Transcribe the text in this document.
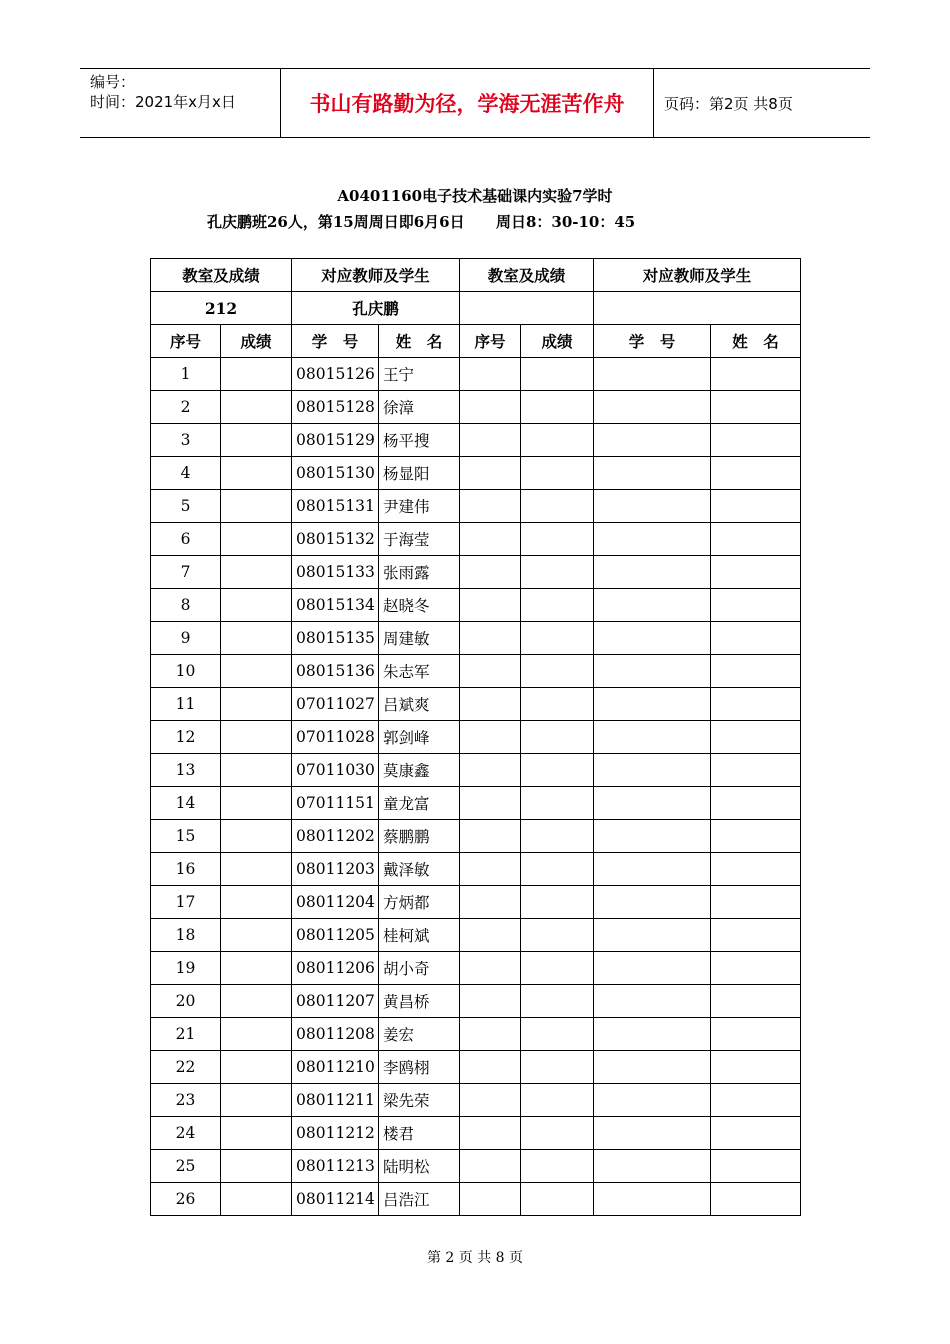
编号：
时间：2021年x月x日	书山有路勤为径，学海无涯苦作舟	页码：第2页 共8页
A0401160电子技术基础课内实验7学时
孔庆鹏班26人，第15周周日即6月6日      周日8：30-10：45
教室及成绩		对应教师及学生		教室及成绩		对应教师及学生	
212		孔庆鹏					
序号	成绩	学　号	姓　名	序号	成绩	学　号	姓　名
1		08015126	王宁				
2		08015128	徐漳				
3		08015129	杨平搜				
4		08015130	杨显阳				
5		08015131	尹建伟				
6		08015132	于海莹				
7		08015133	张雨露				
8		08015134	赵晓冬				
9		08015135	周建敏				
10		08015136	朱志军				
11		07011027	吕斌爽				
12		07011028	郭剑峰				
13		07011030	莫康鑫				
14		07011151	童龙富				
15		08011202	蔡鹏鹏				
16		08011203	戴泽敏				
17		08011204	方炳都				
18		08011205	桂柯斌				
19		08011206	胡小奇				
20		08011207	黄昌桥				
21		08011208	姜宏				
22		08011210	李鸥栩				
23		08011211	梁先荣				
24		08011212	楼君				
25		08011213	陆明松				
26		08011214	吕浩江				
第 2 页 共 8 页
